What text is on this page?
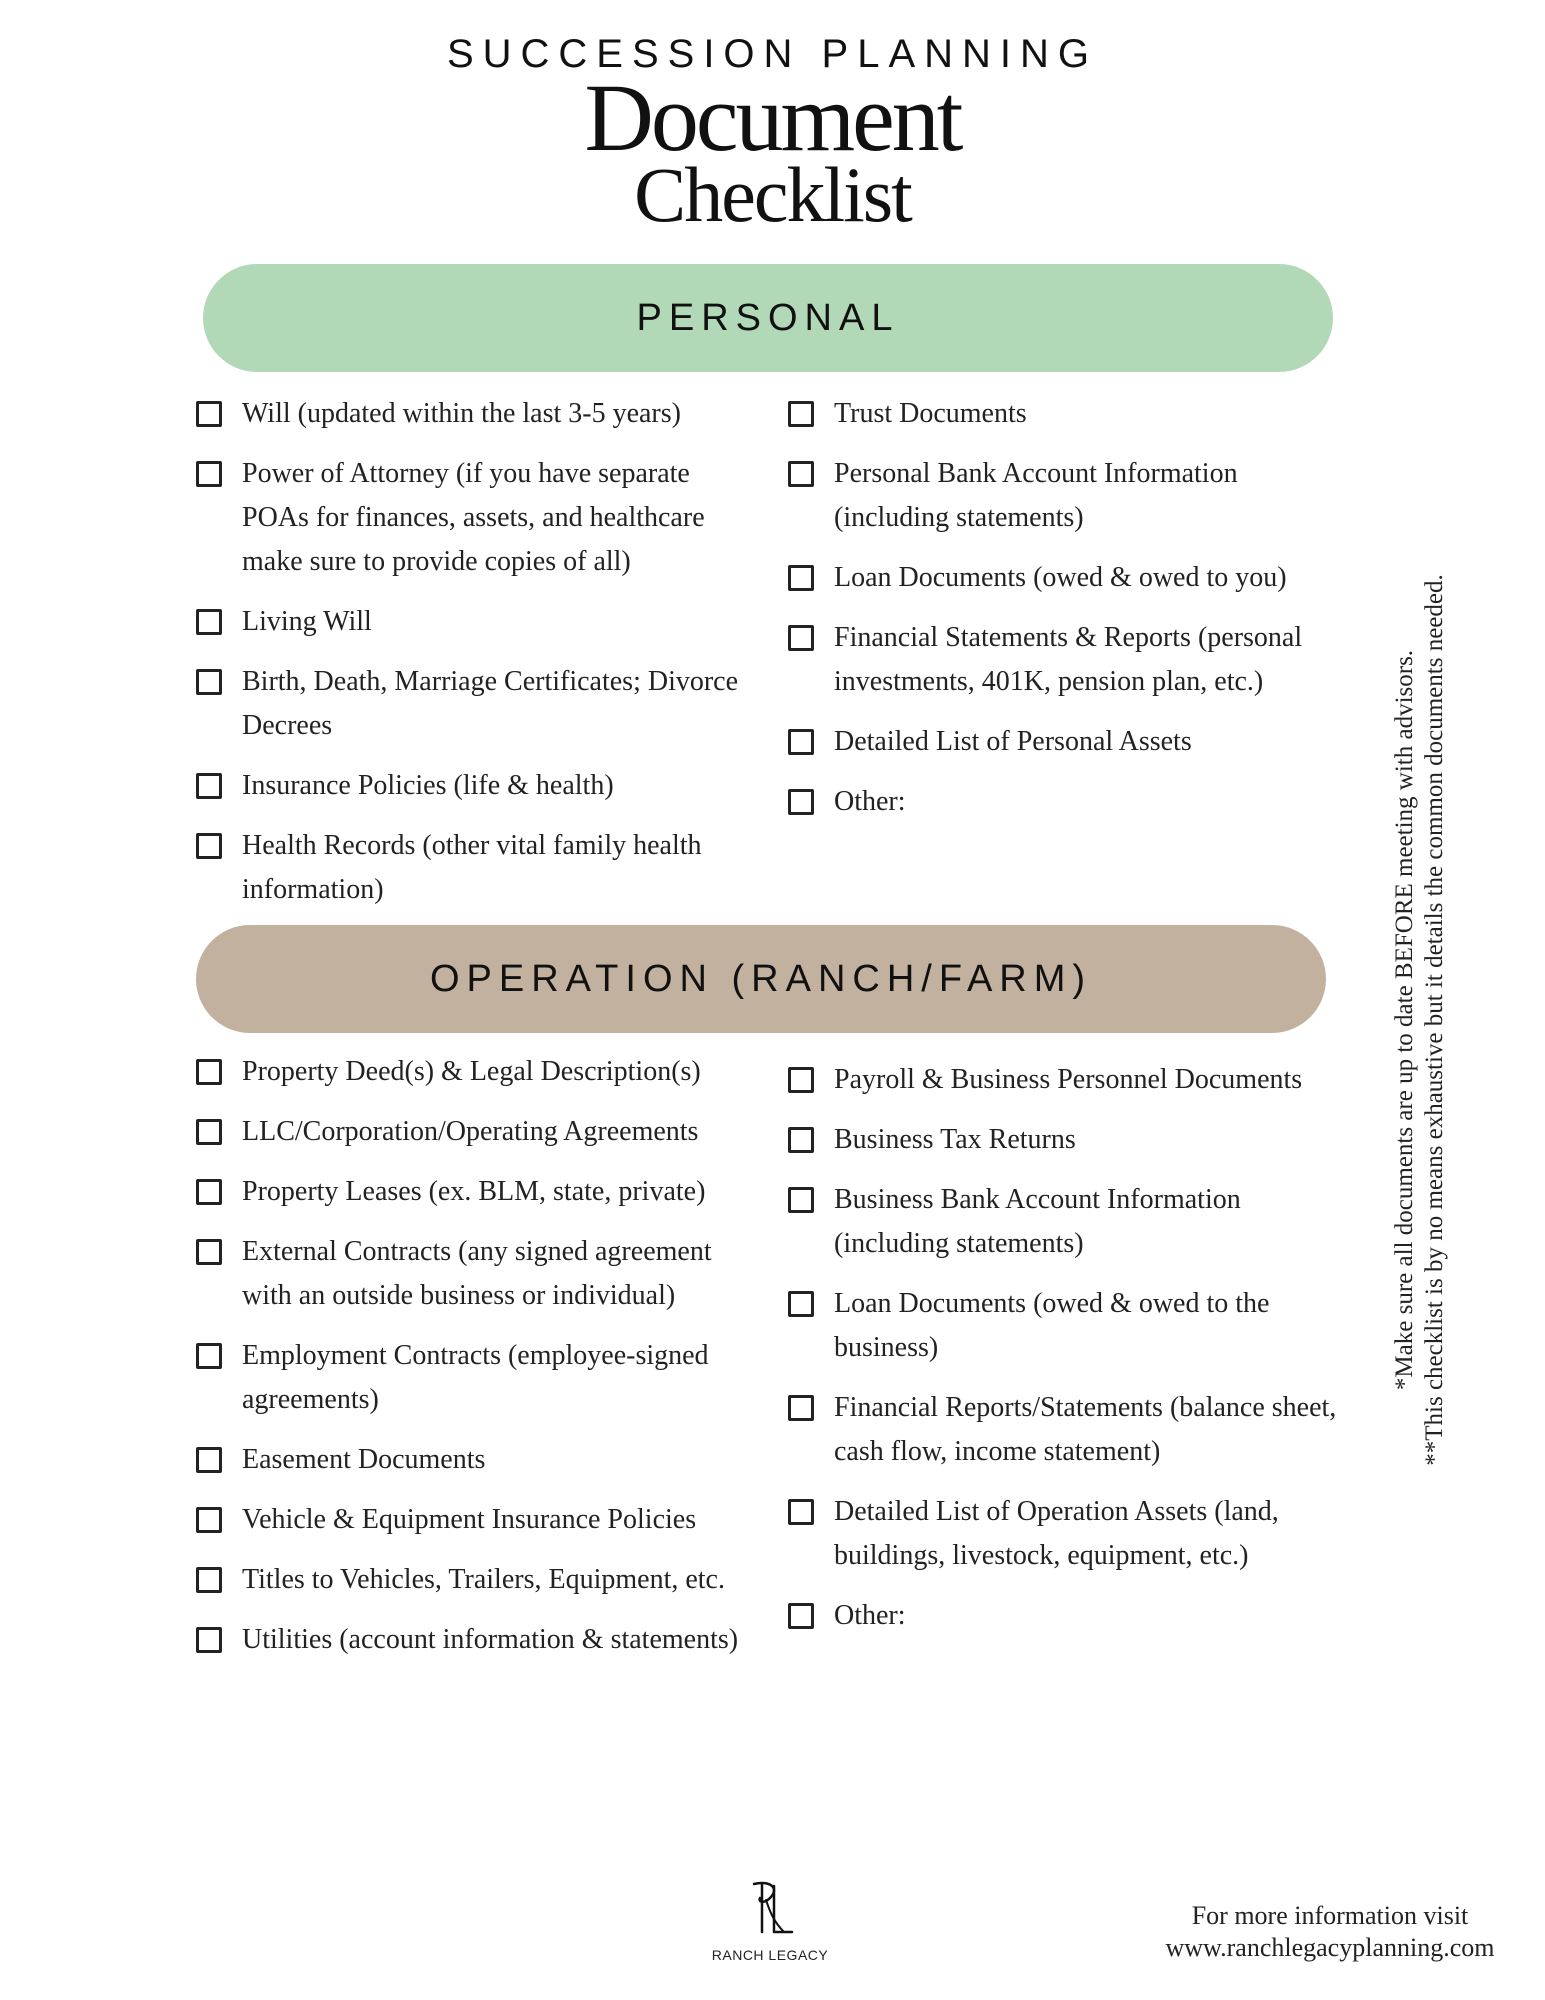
SUCCESSION PLANNING
Document
Checklist
PERSONAL
Will (updated within the last 3-5 years)
Power of Attorney (if you have separate POAs for finances, assets, and healthcare make sure to provide copies of all)
Living Will
Birth, Death, Marriage Certificates; Divorce Decrees
Insurance Policies (life & health)
Health Records (other vital family health information)
Trust Documents
Personal Bank Account Information (including statements)
Loan Documents (owed & owed to you)
Financial Statements & Reports (personal investments, 401K, pension plan, etc.)
Detailed List of Personal Assets
Other:
OPERATION (RANCH/FARM)
Property Deed(s) & Legal Description(s)
LLC/Corporation/Operating Agreements
Property Leases (ex. BLM, state, private)
External Contracts (any signed agreement with an outside business or individual)
Employment Contracts (employee-signed agreements)
Easement Documents
Vehicle & Equipment Insurance Policies
Titles to Vehicles, Trailers, Equipment, etc.
Utilities (account information & statements)
Payroll & Business Personnel Documents
Business Tax Returns
Business Bank Account Information (including statements)
Loan Documents (owed & owed to the business)
Financial Reports/Statements (balance sheet, cash flow, income statement)
Detailed List of Operation Assets (land, buildings, livestock, equipment, etc.)
Other:
*Make sure all documents are up to date BEFORE meeting with advisors. **This checklist is by no means exhaustive but it details the common documents needed.
RANCH LEGACY
For more information visit
www.ranchlegacyplanning.com
